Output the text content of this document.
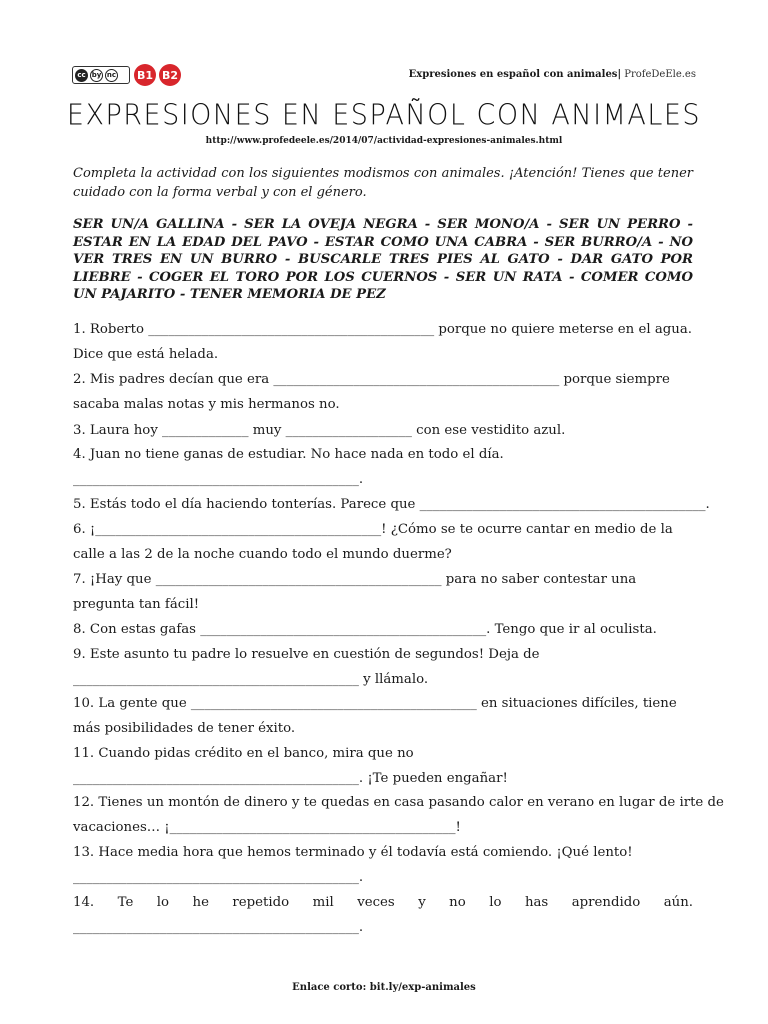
cc by nc B1 B2	Expresiones en español con animales| ProfeDeEle.es
EXPRESIONES EN ESPAÑOL CON ANIMALES
http://www.profedeele.es/2014/07/actividad-expresiones-animales.html
Completa la actividad con los siguientes modismos con animales. ¡Atención! Tienes que tener cuidado con la forma verbal y con el género.
SER UN/A GALLINA - SER LA OVEJA NEGRA - SER MONO/A - SER UN PERRO - ESTAR EN LA EDAD DEL PAVO - ESTAR COMO UNA CABRA - SER BURRO/A - NO VER TRES EN UN BURRO - BUSCARLE TRES PIES AL GATO - DAR GATO POR LIEBRE - COGER EL TORO POR LOS CUERNOS - SER UN RATA - COMER COMO UN PAJARITO - TENER MEMORIA DE PEZ
1. Roberto ___________________________________________ porque no quiere meterse en el agua.
Dice que está helada.
2. Mis padres decían que era ___________________________________________ porque siempre
sacaba malas notas y mis hermanos no.
3. Laura hoy _____________ muy ___________________ con ese vestidito azul.
4. Juan no tiene ganas de estudiar. No hace nada en todo el día.
___________________________________________.
5. Estás todo el día haciendo tonterías. Parece que ___________________________________________.
6. ¡___________________________________________! ¿Cómo se te ocurre cantar en medio de la
calle a las 2 de la noche cuando todo el mundo duerme?
7. ¡Hay que ___________________________________________ para no saber contestar una
pregunta tan fácil!
8. Con estas gafas ___________________________________________. Tengo que ir al oculista.
9. Este asunto tu padre lo resuelve en cuestión de segundos! Deja de
___________________________________________ y llámalo.
10. La gente que ___________________________________________ en situaciones difíciles, tiene
más posibilidades de tener éxito.
11. Cuando pidas crédito en el banco, mira que no
___________________________________________. ¡Te pueden engañar!
12. Tienes un montón de dinero y te quedas en casa pasando calor en verano en lugar de irte de
vacaciones… ¡___________________________________________!
13. Hace media hora que hemos terminado y él todavía está comiendo. ¡Qué lento!
___________________________________________.
14. Te lo he repetido mil veces y no lo has aprendido aún.
___________________________________________.
Enlace corto: bit.ly/exp-animales
